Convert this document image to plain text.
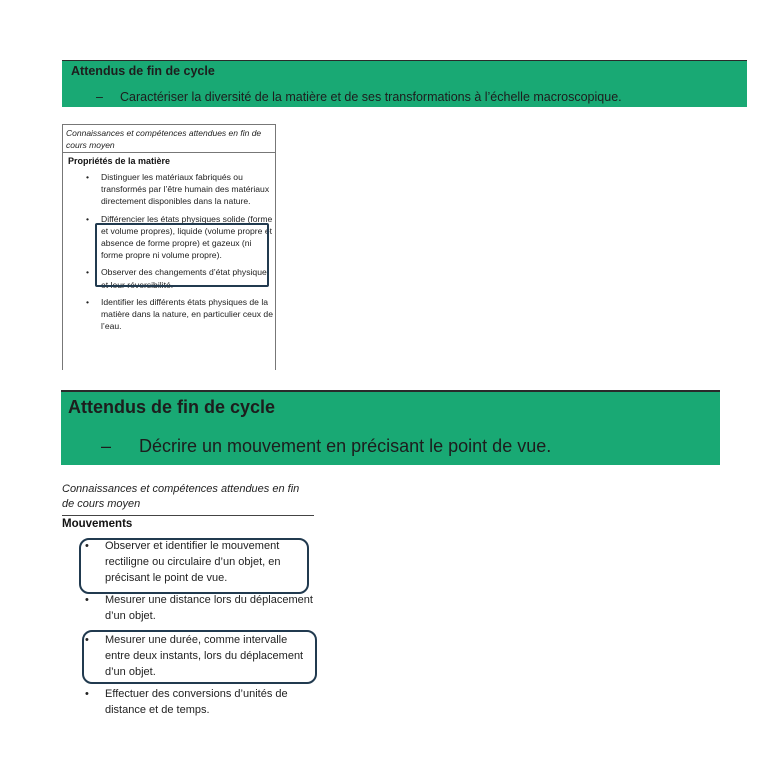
Attendus de fin de cycle
– Caractériser la diversité de la matière et de ses transformations à l’échelle macroscopique.
Connaissances et compétences attendues en fin de cours moyen
Propriétés de la matière
• Distinguer les matériaux fabriqués ou transformés par l’être humain des matériaux directement disponibles dans la nature.
• Différencier les états physiques solide (forme et volume propres), liquide (volume propre et absence de forme propre) et gazeux (ni forme propre ni volume propre).
• Observer des changements d’état physique et leur réversibilité.
• Identifier les différents états physiques de la matière dans la nature, en particulier ceux de l’eau.
Attendus de fin de cycle
– Décrire un mouvement en précisant le point de vue.
Connaissances et compétences attendues en fin de cours moyen
Mouvements
• Observer et identifier le mouvement rectiligne ou circulaire d’un objet, en précisant le point de vue.
• Mesurer une distance lors du déplacement d’un objet.
• Mesurer une durée, comme intervalle entre deux instants, lors du déplacement d’un objet.
• Effectuer des conversions d’unités de distance et de temps.
